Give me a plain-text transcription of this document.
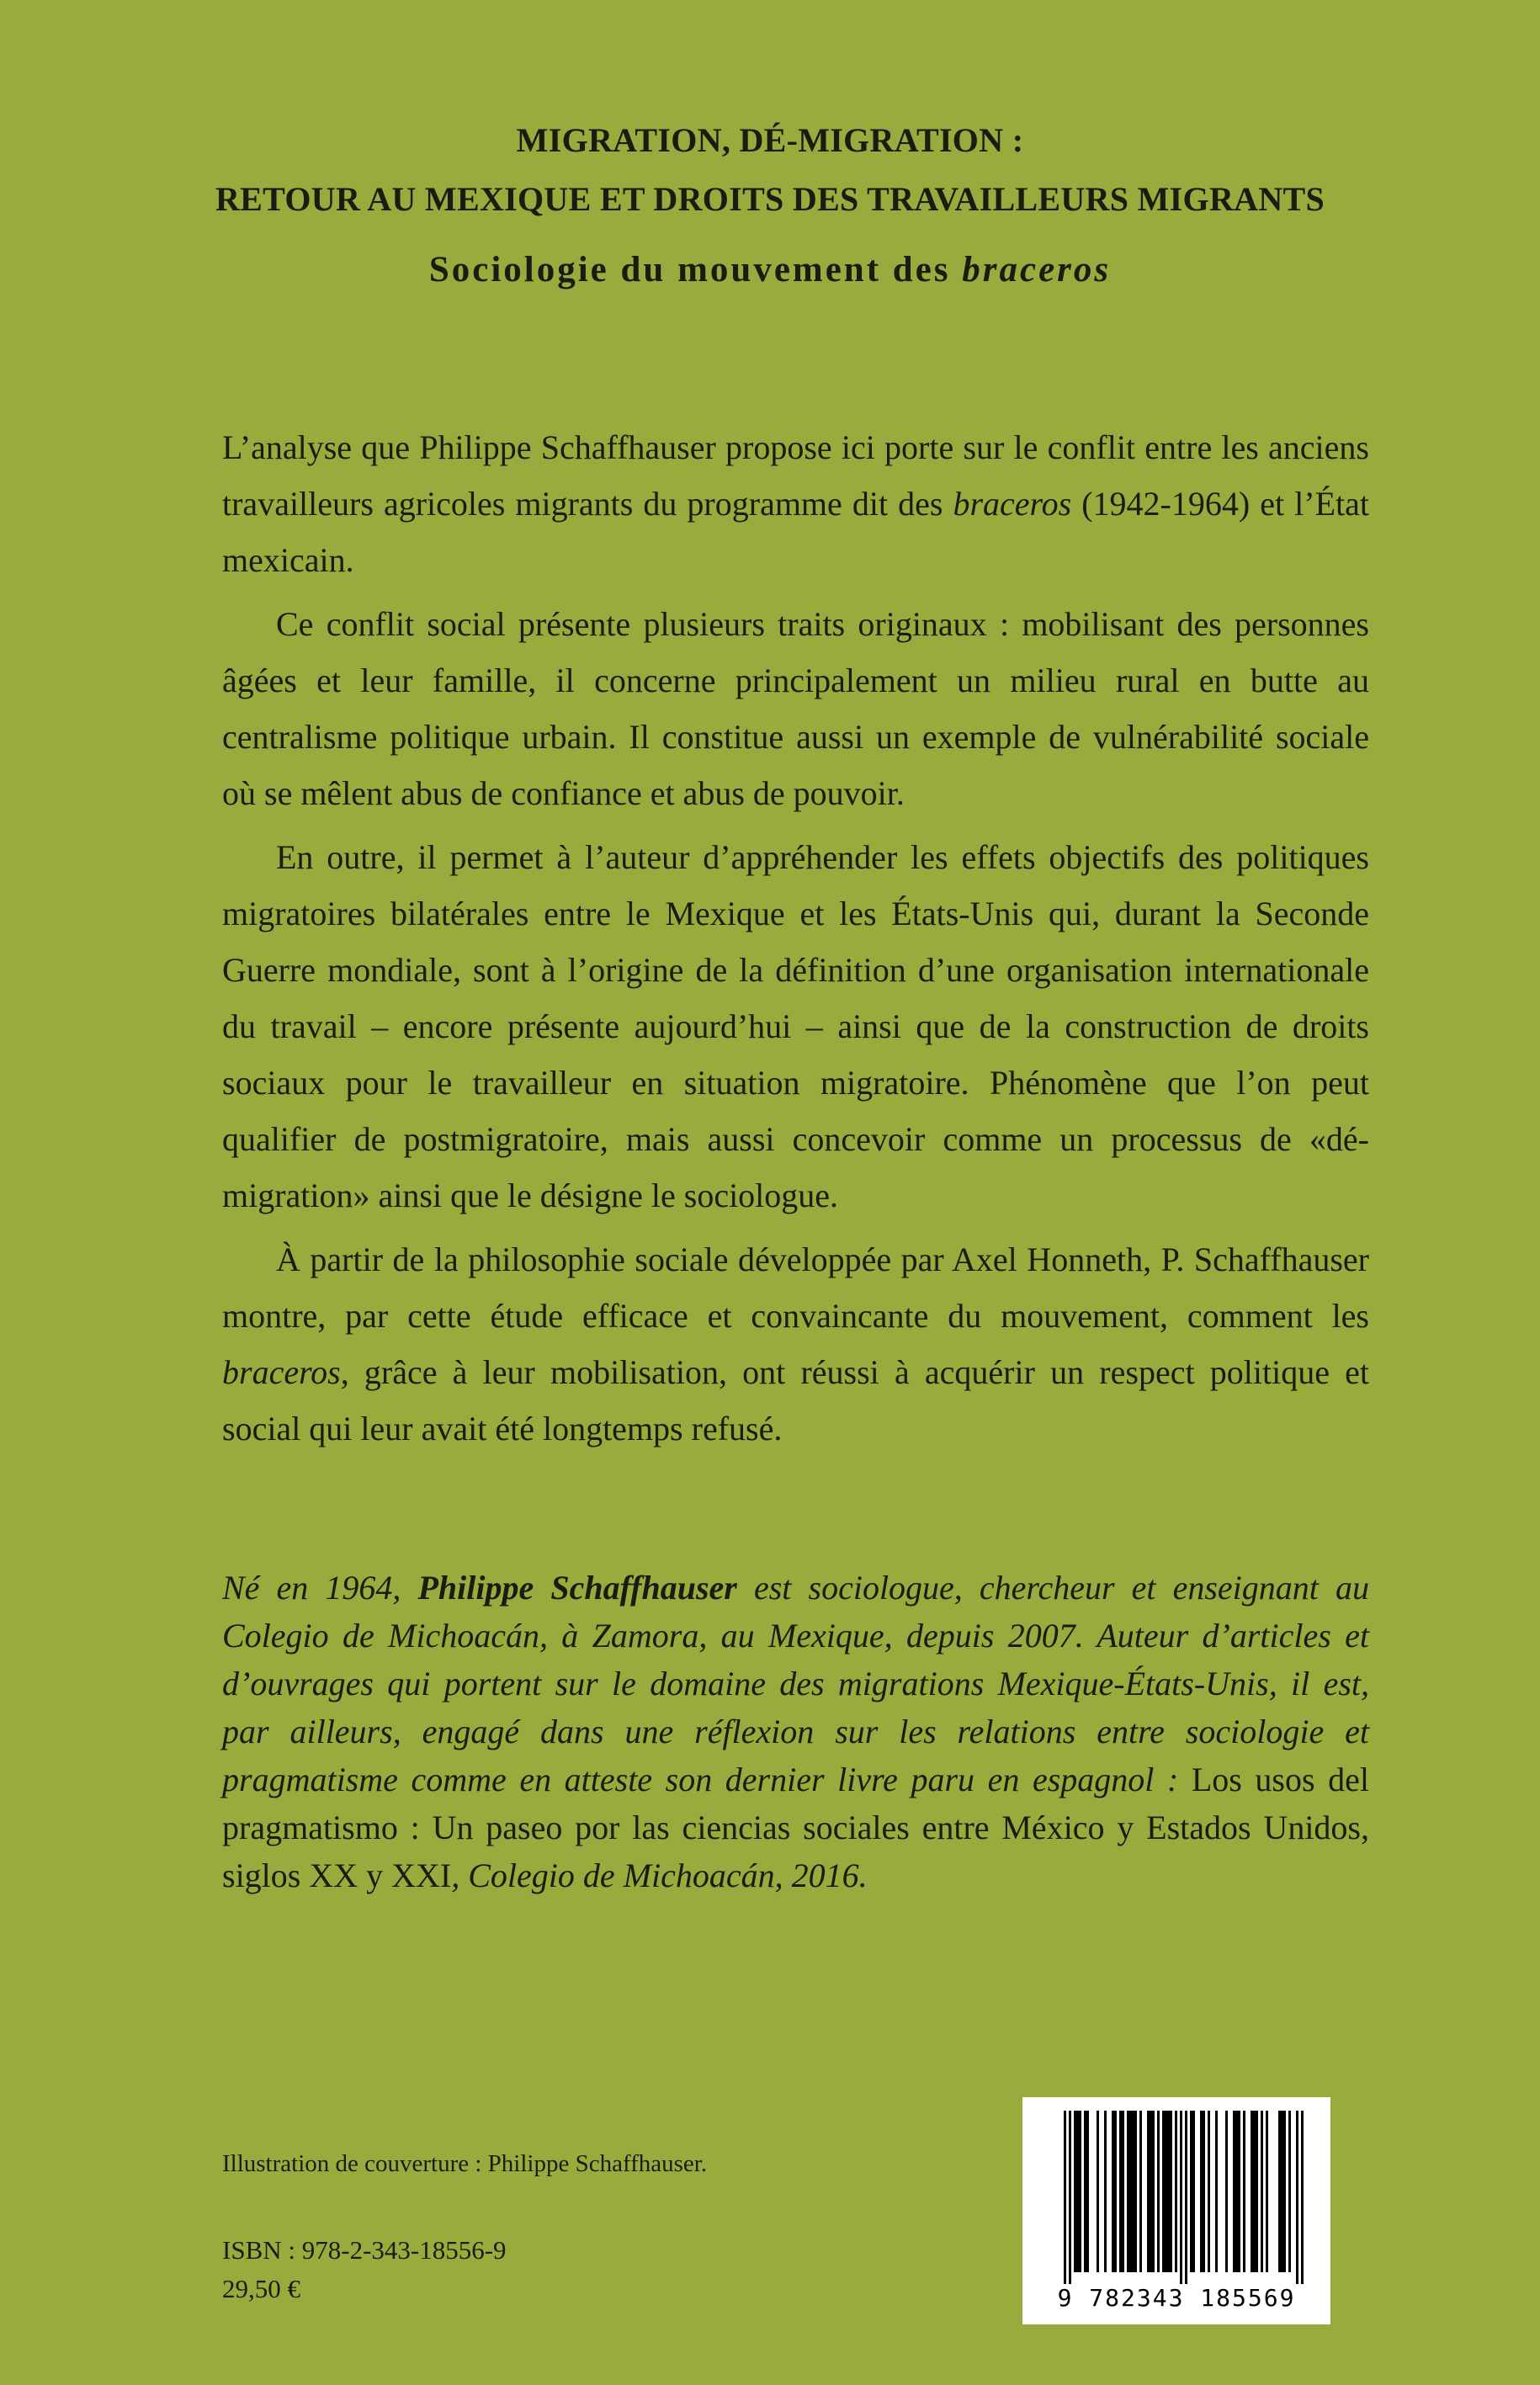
MIGRATION, DÉ-MIGRATION :
RETOUR AU MEXIQUE ET DROITS DES TRAVAILLEURS MIGRANTS
Sociologie du mouvement des braceros

L’analyse que Philippe Schaffhauser propose ici porte sur le conflit entre les anciens travailleurs agricoles migrants du programme dit des braceros (1942-1964) et l’État mexicain.

Ce conflit social présente plusieurs traits originaux : mobilisant des personnes âgées et leur famille, il concerne principalement un milieu rural en butte au centralisme politique urbain. Il constitue aussi un exemple de vulnérabilité sociale où se mêlent abus de confiance et abus de pouvoir.

En outre, il permet à l’auteur d’appréhender les effets objectifs des politiques migratoires bilatérales entre le Mexique et les États-Unis qui, durant la Seconde Guerre mondiale, sont à l’origine de la définition d’une organisation internationale du travail – encore présente aujourd’hui – ainsi que de la construction de droits sociaux pour le travailleur en situation migratoire. Phénomène que l’on peut qualifier de postmigratoire, mais aussi concevoir comme un processus de «dé-migration» ainsi que le désigne le sociologue.

À partir de la philosophie sociale développée par Axel Honneth, P. Schaffhauser montre, par cette étude efficace et convaincante du mouvement, comment les braceros, grâce à leur mobilisation, ont réussi à acquérir un respect politique et social qui leur avait été longtemps refusé.

Né en 1964, Philippe Schaffhauser est sociologue, chercheur et enseignant au Colegio de Michoacán, à Zamora, au Mexique, depuis 2007. Auteur d’articles et d’ouvrages qui portent sur le domaine des migrations Mexique-États-Unis, il est, par ailleurs, engagé dans une réflexion sur les relations entre sociologie et pragmatisme comme en atteste son dernier livre paru en espagnol : Los usos del pragmatismo : Un paseo por las ciencias sociales entre México y Estados Unidos, siglos XX y XXI, Colegio de Michoacán, 2016.

Illustration de couverture : Philippe Schaffhauser.
ISBN : 978-2-343-18556-9
29,50 €	9 782343 185569
